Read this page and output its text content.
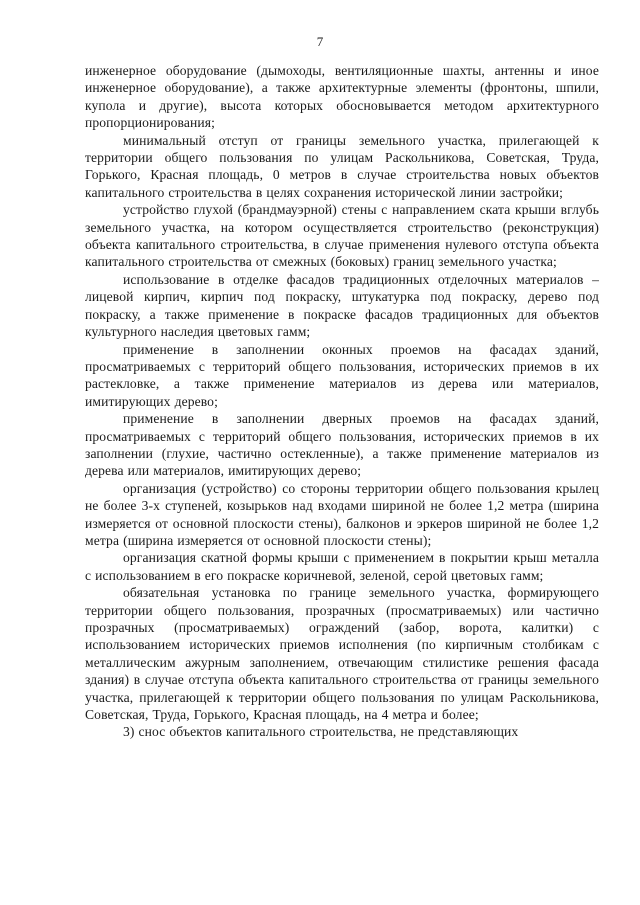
7

инженерное оборудование (дымоходы, вентиляционные шахты, антенны и иное инженерное оборудование), а также архитектурные элементы (фронтоны, шпили, купола и другие), высота которых обосновывается методом архитектурного пропорционирования;

минимальный отступ от границы земельного участка, прилегающей к территории общего пользования по улицам Раскольникова, Советская, Труда, Горького, Красная площадь, 0 метров в случае строительства новых объектов капитального строительства в целях сохранения исторической линии застройки;

устройство глухой (брандмауэрной) стены с направлением ската крыши вглубь земельного участка, на котором осуществляется строительство (реконструкция) объекта капитального строительства, в случае применения нулевого отступа объекта капитального строительства от смежных (боковых) границ земельного участка;

использование в отделке фасадов традиционных отделочных материалов – лицевой кирпич, кирпич под покраску, штукатурка под покраску, дерево под покраску, а также применение в покраске фасадов традиционных для объектов культурного наследия цветовых гамм;

применение в заполнении оконных проемов на фасадах зданий, просматриваемых с территорий общего пользования, исторических приемов в их растекловке, а также применение материалов из дерева или материалов, имитирующих дерево;

применение в заполнении дверных проемов на фасадах зданий, просматриваемых с территорий общего пользования, исторических приемов в их заполнении (глухие, частично остекленные), а также применение материалов из дерева или материалов, имитирующих дерево;

организация (устройство) со стороны территории общего пользования крылец не более 3-х ступеней, козырьков над входами шириной не более 1,2 метра (ширина измеряется от основной плоскости стены), балконов и эркеров шириной не более 1,2 метра (ширина измеряется от основной плоскости стены);

организация скатной формы крыши с применением в покрытии крыш металла с использованием в его покраске коричневой, зеленой, серой цветовых гамм;

обязательная установка по границе земельного участка, формирующего территории общего пользования, прозрачных (просматриваемых) или частично прозрачных (просматриваемых) ограждений (забор, ворота, калитки) с использованием исторических приемов исполнения (по кирпичным столбикам с металлическим ажурным заполнением, отвечающим стилистике решения фасада здания) в случае отступа объекта капитального строительства от границы земельного участка, прилегающей к территории общего пользования по улицам Раскольникова, Советская, Труда, Горького, Красная площадь, на 4 метра и более;

3) снос объектов капитального строительства, не представляющих
